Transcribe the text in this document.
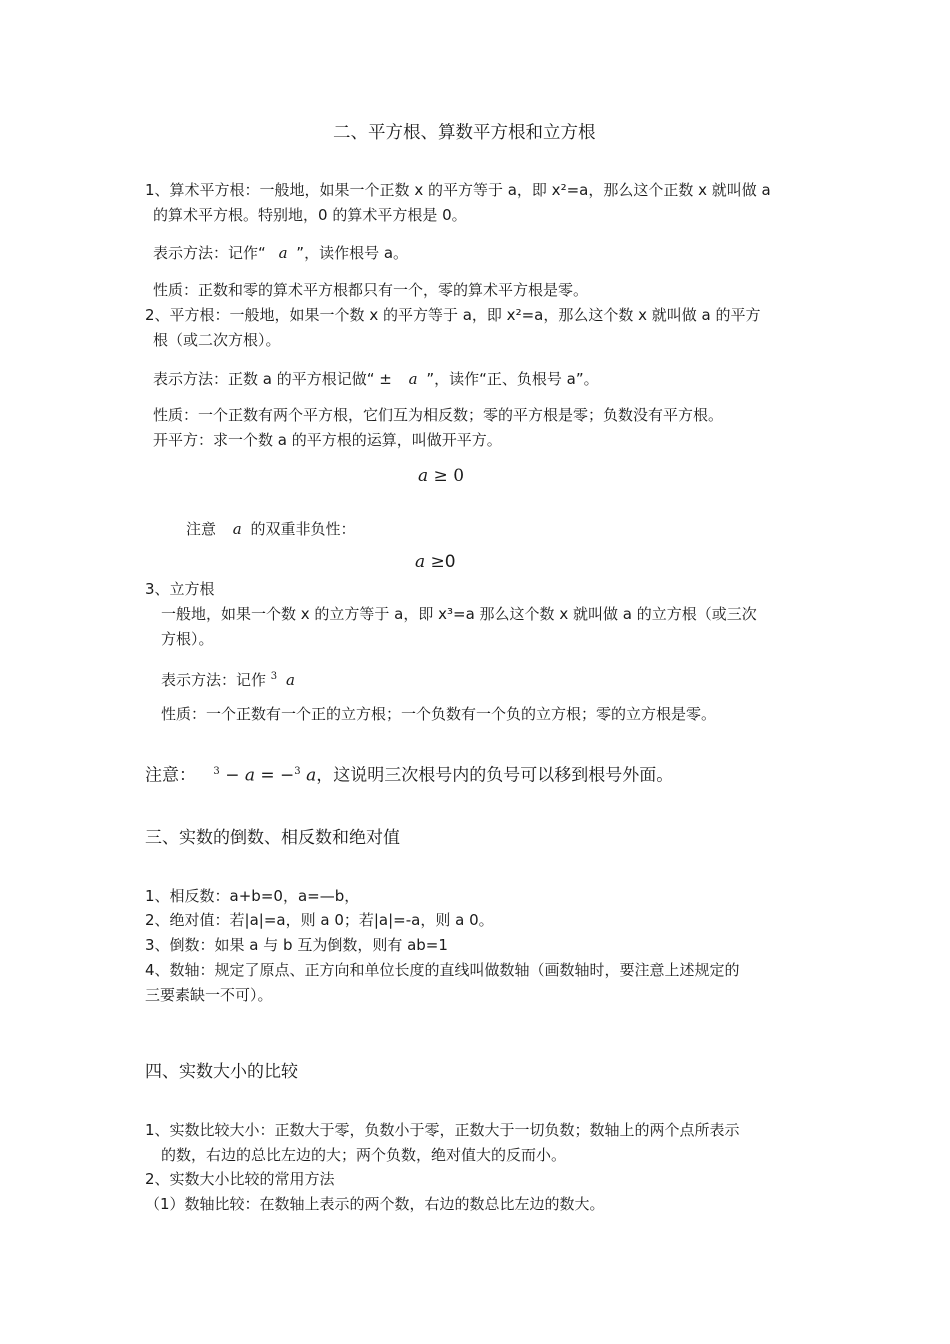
二、平方根、算数平方根和立方根
1、算术平方根：一般地，如果一个正数 x 的平方等于 a，即 x²=a，那么这个正数 x 就叫做 a
的算术平方根。特别地，0 的算术平方根是 0。
表示方法：记作“ a ”，读作根号 a。
性质：正数和零的算术平方根都只有一个，零的算术平方根是零。
2、平方根：一般地，如果一个数 x 的平方等于 a，即 x²=a，那么这个数 x 就叫做 a 的平方
根（或二次方根）。
表示方法：正数 a 的平方根记做“ ± a ”，读作“正、负根号 a”。
性质：一个正数有两个平方根，它们互为相反数；零的平方根是零；负数没有平方根。
开平方：求一个数 a 的平方根的运算，叫做开平方。
a ≥ 0
注意 a 的双重非负性：
a ≥0
3、立方根
一般地，如果一个数 x 的立方等于 a，即 x³=a 那么这个数 x 就叫做 a 的立方根（或三次
方根）。
表示方法：记作 $^3$ a
性质：一个正数有一个正的立方根；一个负数有一个负的立方根；零的立方根是零。
注意： $^3$ − a = −$^3$ a，这说明三次根号内的负号可以移到根号外面。
三、实数的倒数、相反数和绝对值
1、相反数：a+b=0，a=—b，
2、绝对值：若|a|=a，则 a 0；若|a|=-a，则 a 0。
3、倒数：如果 a 与 b 互为倒数，则有 ab=1
4、数轴：规定了原点、正方向和单位长度的直线叫做数轴（画数轴时，要注意上述规定的
三要素缺一不可）。
四、实数大小的比较
1、实数比较大小：正数大于零，负数小于零，正数大于一切负数；数轴上的两个点所表示
的数，右边的总比左边的大；两个负数，绝对值大的反而小。
2、实数大小比较的常用方法
（1）数轴比较：在数轴上表示的两个数，右边的数总比左边的数大。
